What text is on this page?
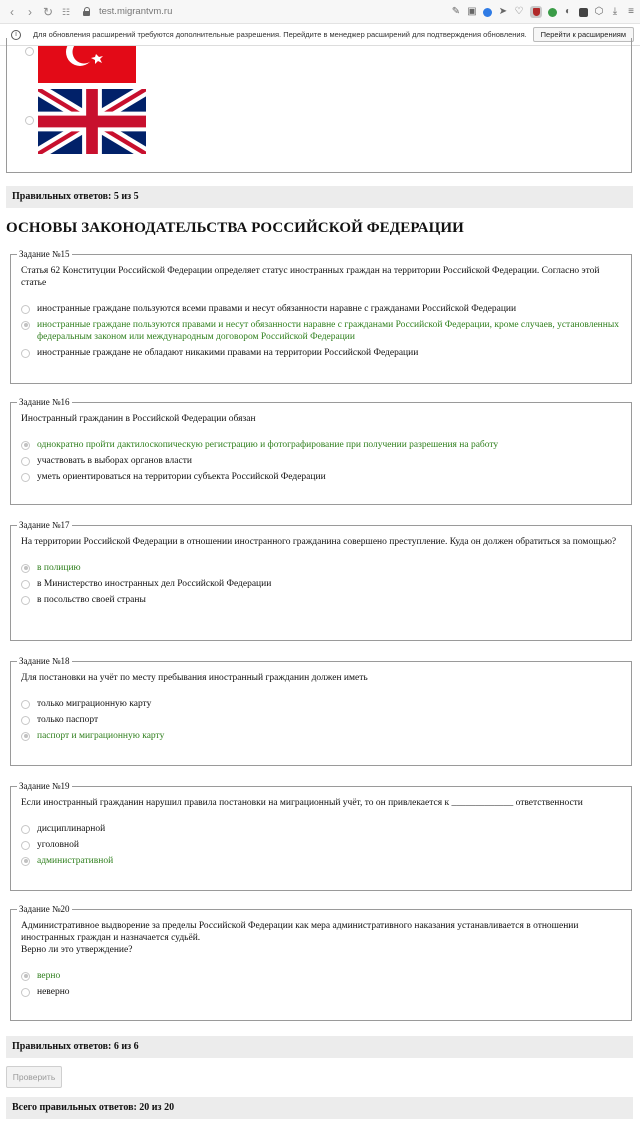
‹	› ↻ ☷	test.migrantvm.ru	✎ ▣ ➤ ♡	◐ ⬡ ⤓ ≡
i	Для обновления расширений требуются дополнительные разрешения. Перейдите в менеджер расширений для подтверждения обновления.	Перейти к расширениям
Правильных ответов: 5 из 5
ОСНОВЫ ЗАКОНОДАТЕЛЬСТВА РОССИЙСКОЙ ФЕДЕРАЦИИ
Задание №15
Статья 62 Конституции Российской Федерации определяет статус иностранных граждан на территории Российской Федерации. Согласно этой статье
иностранные граждане пользуются всеми правами и несут обязанности наравне с гражданами Российской Федерации
иностранные граждане пользуются правами и несут обязанности наравне с гражданами Российской Федерации, кроме случаев, установленных федеральным законом или международным договором Российской Федерации
иностранные граждане не обладают никакими правами на территории Российской Федерации
Задание №16
Иностранный гражданин в Российской Федерации обязан
однократно пройти дактилоскопическую регистрацию и фотографирование при получении разрешения на работу
участвовать в выборах органов власти
уметь ориентироваться на территории субъекта Российской Федерации
Задание №17
На территории Российской Федерации в отношении иностранного гражданина совершено преступление. Куда он должен обратиться за помощью?
в полицию
в Министерство иностранных дел Российской Федерации
в посольство своей страны
Задание №18
Для постановки на учёт по месту пребывания иностранный гражданин должен иметь
только миграционную карту
только паспорт
паспорт и миграционную карту
Задание №19
Если иностранный гражданин нарушил правила постановки на миграционный учёт, то он привлекается к _____________ ответственности
дисциплинарной
уголовной
административной
Задание №20
Административное выдворение за пределы Российской Федерации как мера административного наказания устанавливается в отношении иностранных граждан и назначается судьёй.
Верно ли это утверждение?
верно
неверно
Правильных ответов: 6 из 6
Проверить
Всего правильных ответов: 20 из 20
